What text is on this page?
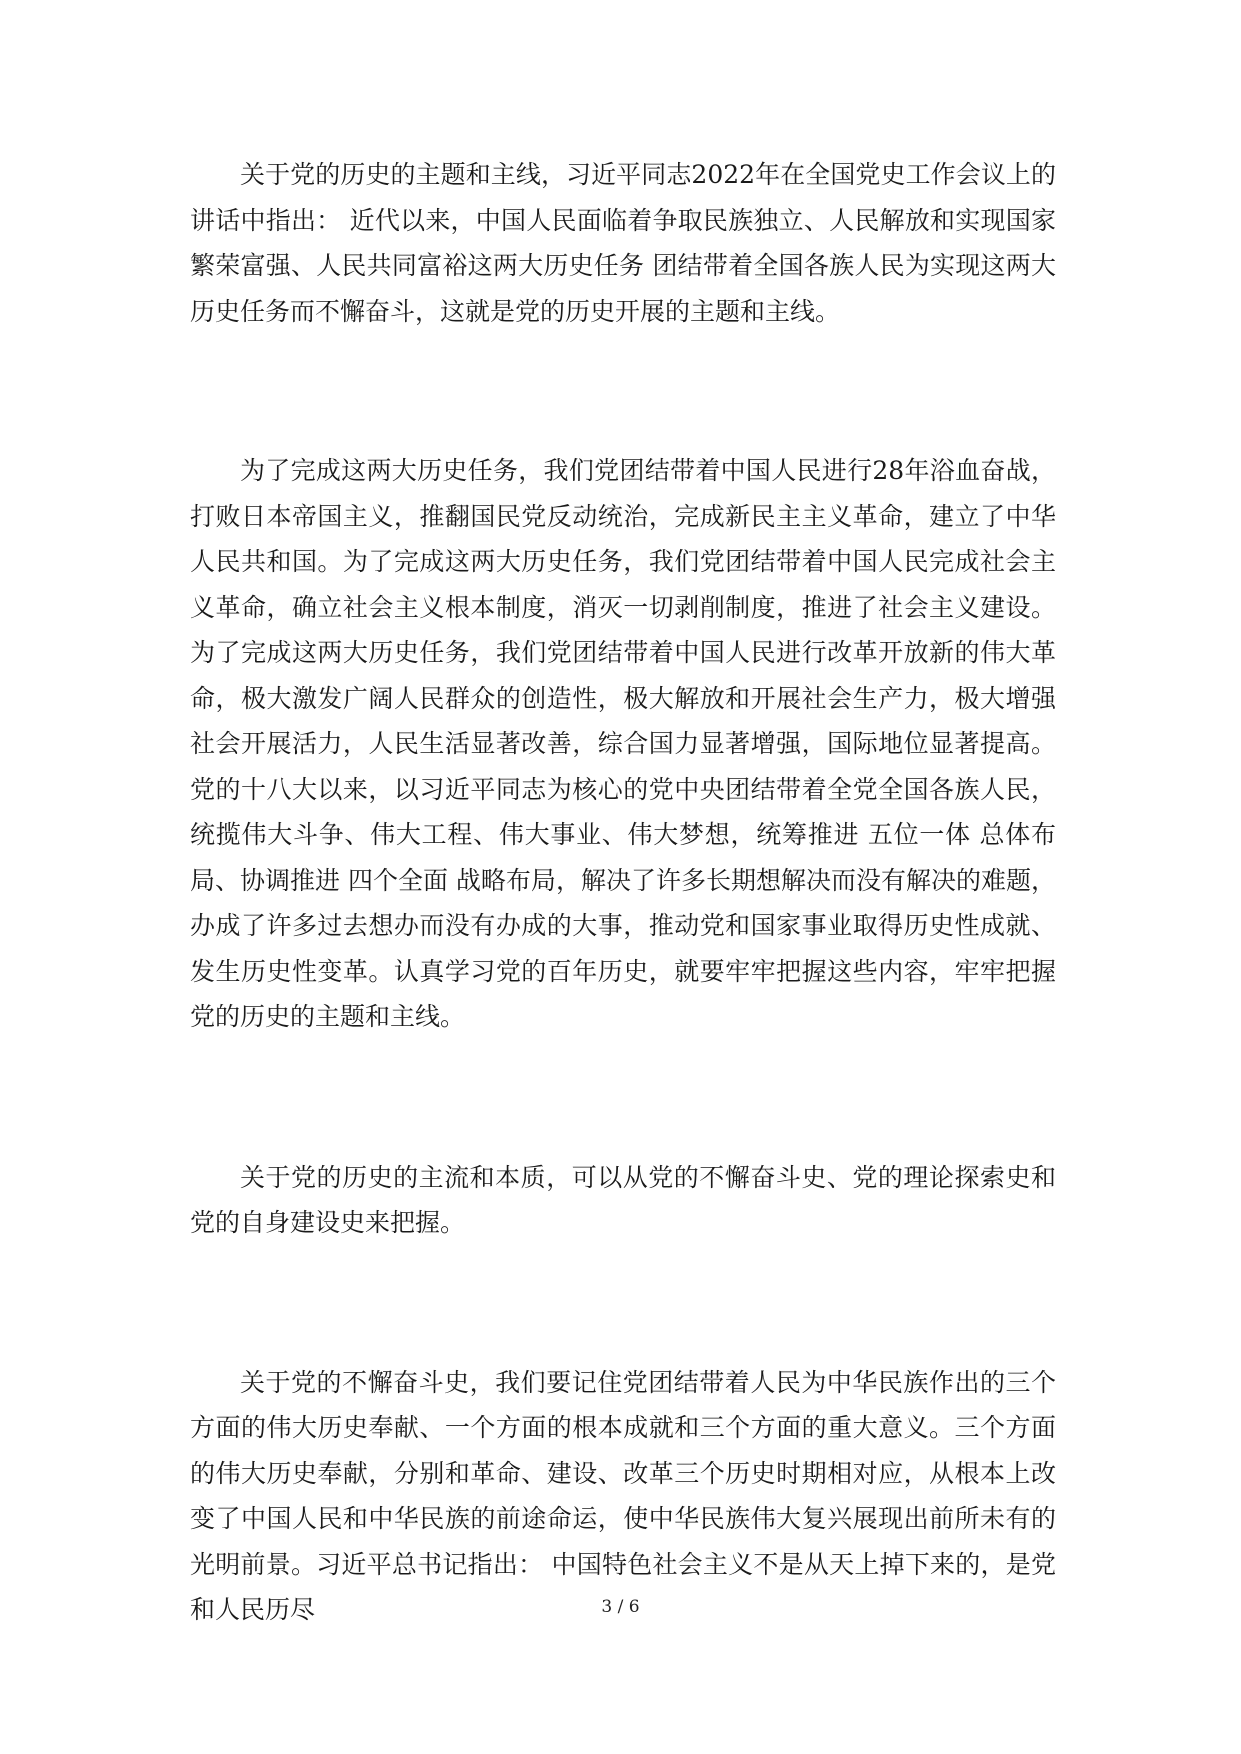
关于党的历史的主题和主线，习近平同志2022年在全国党史工作会议上的讲话中指出： 近代以来，中国人民面临着争取民族独立、人民解放和实现国家繁荣富强、人民共同富裕这两大历史任务 团结带着全国各族人民为实现这两大历史任务而不懈奋斗，这就是党的历史开展的主题和主线。

为了完成这两大历史任务，我们党团结带着中国人民进行28年浴血奋战，打败日本帝国主义，推翻国民党反动统治，完成新民主主义革命，建立了中华人民共和国。为了完成这两大历史任务，我们党团结带着中国人民完成社会主义革命，确立社会主义根本制度，消灭一切剥削制度，推进了社会主义建设。为了完成这两大历史任务，我们党团结带着中国人民进行改革开放新的伟大革命，极大激发广阔人民群众的创造性，极大解放和开展社会生产力，极大增强社会开展活力，人民生活显著改善，综合国力显著增强，国际地位显著提高。党的十八大以来，以习近平同志为核心的党中央团结带着全党全国各族人民，统揽伟大斗争、伟大工程、伟大事业、伟大梦想，统筹推进 五位一体 总体布局、协调推进 四个全面 战略布局，解决了许多长期想解决而没有解决的难题，办成了许多过去想办而没有办成的大事，推动党和国家事业取得历史性成就、发生历史性变革。认真学习党的百年历史，就要牢牢把握这些内容，牢牢把握党的历史的主题和主线。

关于党的历史的主流和本质，可以从党的不懈奋斗史、党的理论探索史和党的自身建设史来把握。

关于党的不懈奋斗史，我们要记住党团结带着人民为中华民族作出的三个方面的伟大历史奉献、一个方面的根本成就和三个方面的重大意义。三个方面的伟大历史奉献，分别和革命、建设、改革三个历史时期相对应，从根本上改变了中国人民和中华民族的前途命运，使中华民族伟大复兴展现出前所未有的光明前景。习近平总书记指出： 中国特色社会主义不是从天上掉下来的，是党和人民历尽	3 / 6
